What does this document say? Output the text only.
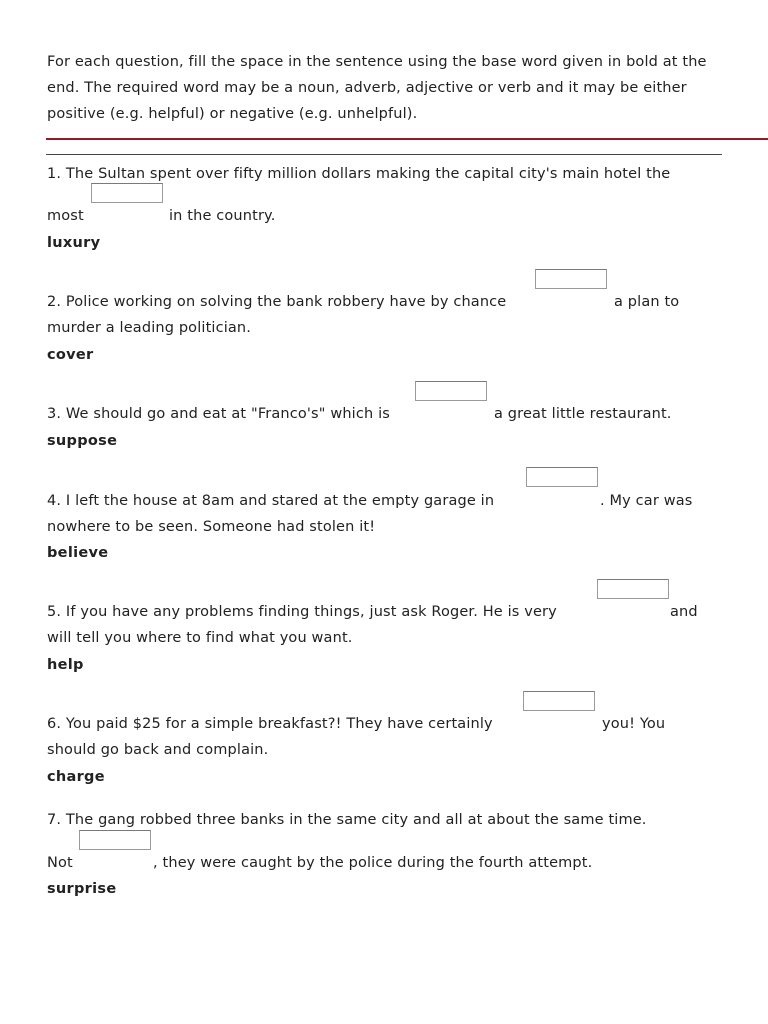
For each question, fill the space in the sentence using the base word given in bold at the end. The required word may be a noun, adverb, adjective or verb and it may be either positive (e.g. helpful) or negative (e.g. unhelpful).

1. The Sultan spent over fifty million dollars making the capital city's main hotel the
most	in the country.
luxury
2. Police working on solving the bank robbery have by chance	a plan to
murder a leading politician.
cover
3. We should go and eat at "Franco's" which is	a great little restaurant.
suppose
4. I left the house at 8am and stared at the empty garage in	. My car was
nowhere to be seen. Someone had stolen it!
believe
5. If you have any problems finding things, just ask Roger. He is very	and
will tell you where to find what you want.
help
6. You paid $25 for a simple breakfast?! They have certainly	you! You
should go back and complain.
charge
7. The gang robbed three banks in the same city and all at about the same time.
Not	, they were caught by the police during the fourth attempt.
surprise
